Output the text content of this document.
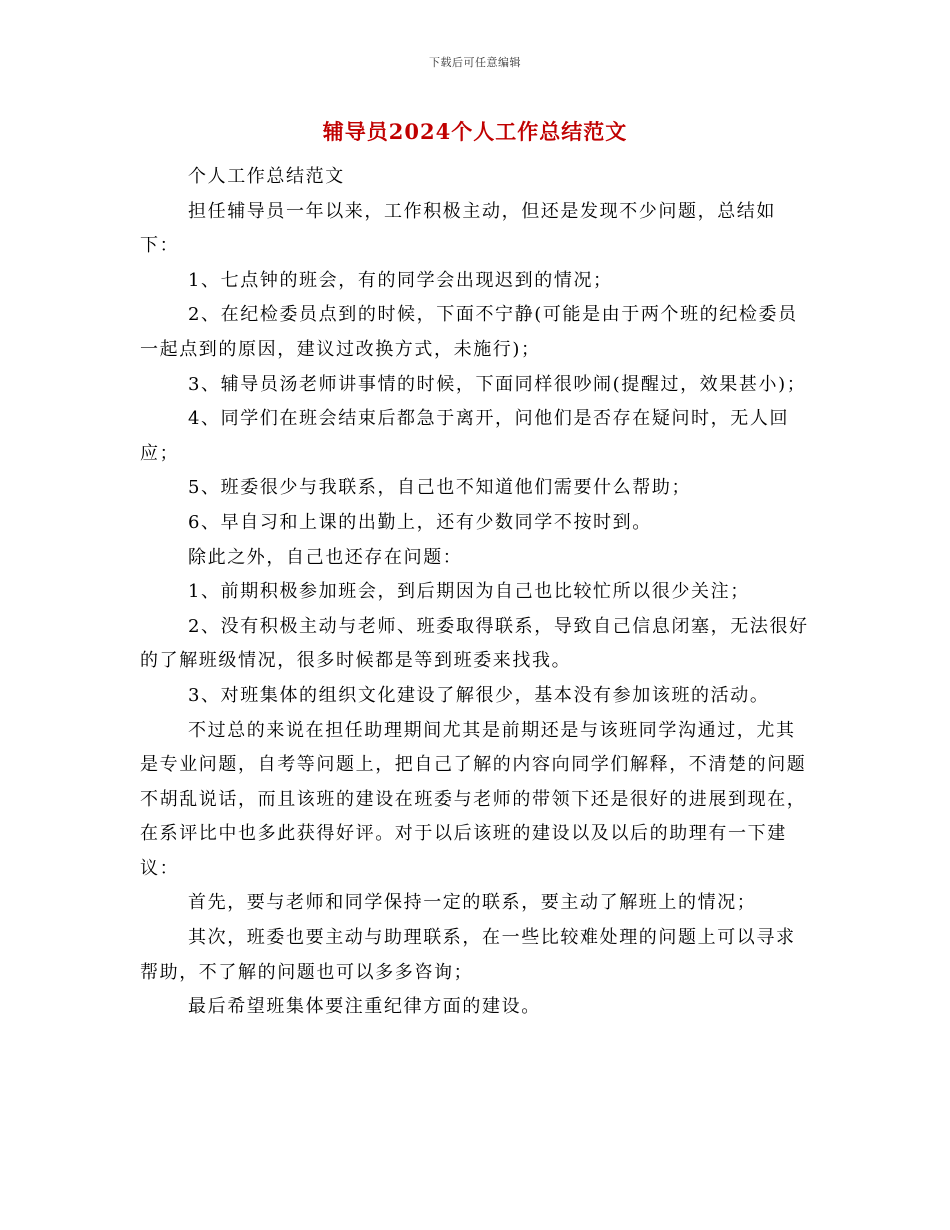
下载后可任意编辑
辅导员2024个人工作总结范文

个人工作总结范文

担任辅导员一年以来，工作积极主动，但还是发现不少问题，总结如下：

1、七点钟的班会，有的同学会出现迟到的情况；

2、在纪检委员点到的时候，下面不宁静(可能是由于两个班的纪检委员一起点到的原因，建议过改换方式，未施行)；

3、辅导员汤老师讲事情的时候，下面同样很吵闹(提醒过，效果甚小)；

4、同学们在班会结束后都急于离开，问他们是否存在疑问时，无人回应；

5、班委很少与我联系，自己也不知道他们需要什么帮助；

6、早自习和上课的出勤上，还有少数同学不按时到。

除此之外，自己也还存在问题：

1、前期积极参加班会，到后期因为自己也比较忙所以很少关注；

2、没有积极主动与老师、班委取得联系，导致自己信息闭塞，无法很好的了解班级情况，很多时候都是等到班委来找我。

3、对班集体的组织文化建设了解很少，基本没有参加该班的活动。

不过总的来说在担任助理期间尤其是前期还是与该班同学沟通过，尤其是专业问题，自考等问题上，把自己了解的内容向同学们解释，不清楚的问题不胡乱说话，而且该班的建设在班委与老师的带领下还是很好的进展到现在，在系评比中也多此获得好评。对于以后该班的建设以及以后的助理有一下建议：

首先，要与老师和同学保持一定的联系，要主动了解班上的情况；

其次，班委也要主动与助理联系，在一些比较难处理的问题上可以寻求帮助，不了解的问题也可以多多咨询；

最后希望班集体要注重纪律方面的建设。
